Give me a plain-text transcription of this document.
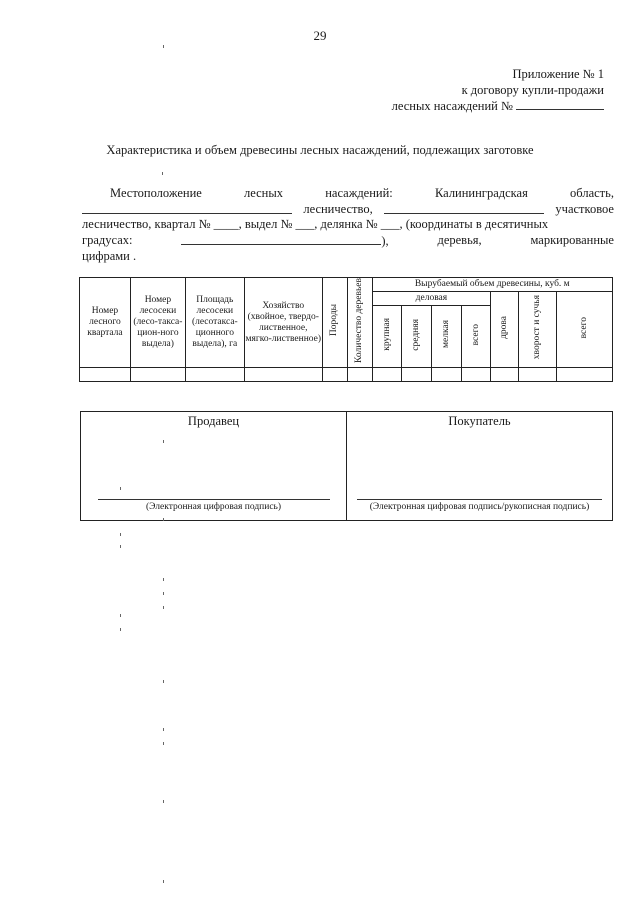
29
Приложение № 1
к договору купли-продажи
лесных насаждений №
Характеристика и объем древесины лесных насаждений, подлежащих заготовке
Местоположение	лесных	насаждений:	Калининградская	область,
лесничество,	участковое
лесничество, квартал № ____, выдел № ___, делянка № ___, (координаты в десятичных
градусах:	),	деревья,	маркированные
цифрами .
Номер лесного квартала	Номер лесосеки (лесо-такса-цион-ного выдела)	Площадь лесосеки (лесотакса-ционного выдела), га	Хозяйство (хвойное, твердо-лиственное, мягко-лиственное)	Породы	Количество деревьев	Вырубаемый объем древесины, куб. м						
						деловая				дрова	хворост и сучья	всего
						крупная	средняя	мелкая	всего			

Продавец
(Электронная цифровая подпись)

Покупатель
(Электронная цифровая подпись/рукописная подпись)
